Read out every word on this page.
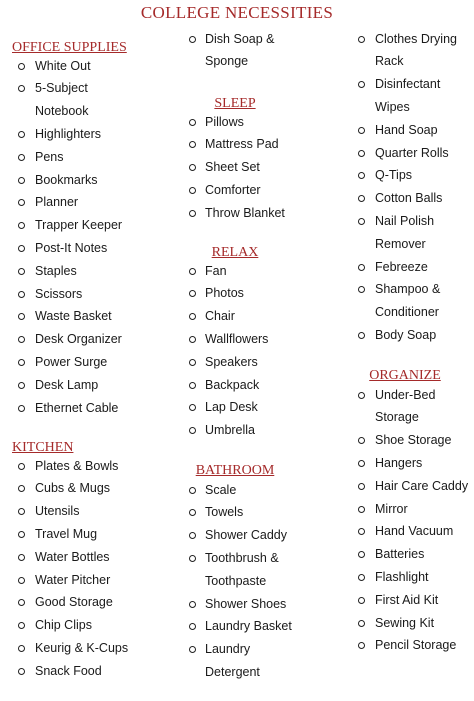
COLLEGE NECESSITIES
OFFICE SUPPLIES
White Out
5-Subject
Notebook
Highlighters
Pens
Bookmarks
Planner
Trapper Keeper
Post-It Notes
Staples
Scissors
Waste Basket
Desk Organizer
Power Surge
Desk Lamp
Ethernet Cable
KITCHEN
Plates & Bowls
Cubs & Mugs
Utensils
Travel Mug
Water Bottles
Water Pitcher
Good Storage
Chip Clips
Keurig & K-Cups
Snack Food
Dish Soap &
Sponge
SLEEP
Pillows
Mattress Pad
Sheet Set
Comforter
Throw Blanket
RELAX
Fan
Photos
Chair
Wallflowers
Speakers
Backpack
Lap Desk
Umbrella
BATHROOM
Scale
Towels
Shower Caddy
Toothbrush &
Toothpaste
Shower Shoes
Laundry Basket
Laundry
Detergent
Clothes Drying
Rack
Disinfectant
Wipes
Hand Soap
Quarter Rolls
Q-Tips
Cotton Balls
Nail Polish
Remover
Febreeze
Shampoo &
Conditioner
Body Soap
ORGANIZE
Under-Bed
Storage
Shoe Storage
Hangers
Hair Care Caddy
Mirror
Hand Vacuum
Batteries
Flashlight
First Aid Kit
Sewing Kit
Pencil Storage
